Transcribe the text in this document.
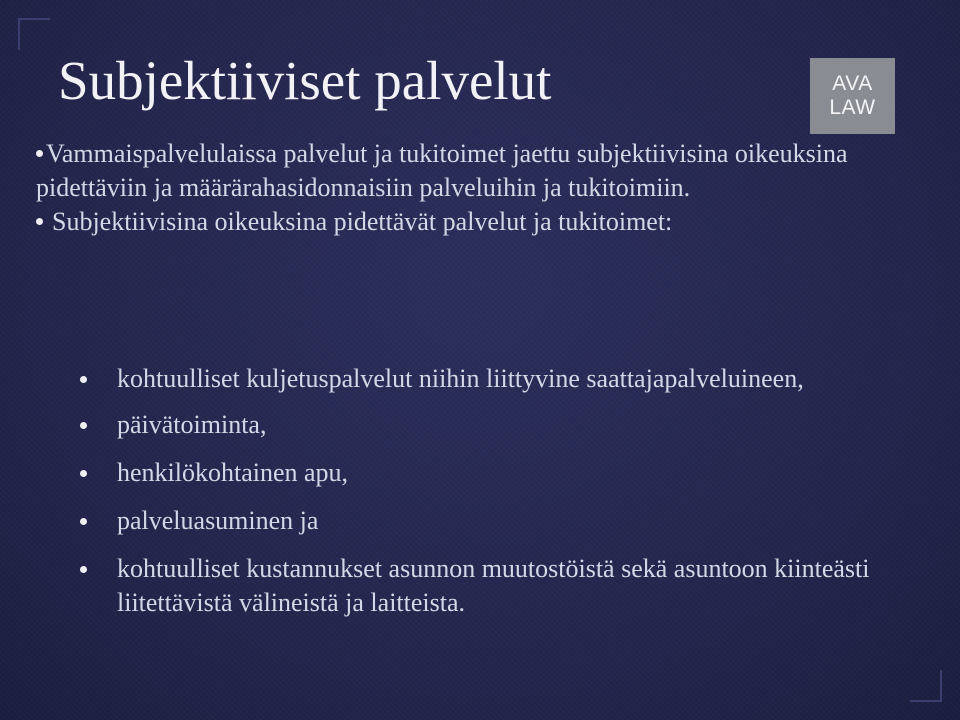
Subjektiiviset palvelut	AVA
LAW

Vammaispalvelulaissa palvelut ja tukitoimet jaettu subjektiivisina oikeuksina pidettäviin ja määrärahasidonnaisiin palveluihin ja tukitoimiin.

Subjektiivisina oikeuksina pidettävät palvelut ja tukitoimet:

kohtuulliset kuljetuspalvelut niihin liittyvine saattajapalveluineen,
päivätoiminta,
henkilökohtainen apu,
palveluasuminen ja
kohtuulliset kustannukset asunnon muutostöistä sekä asuntoon kiinteästi liitettävistä välineistä ja laitteista.
